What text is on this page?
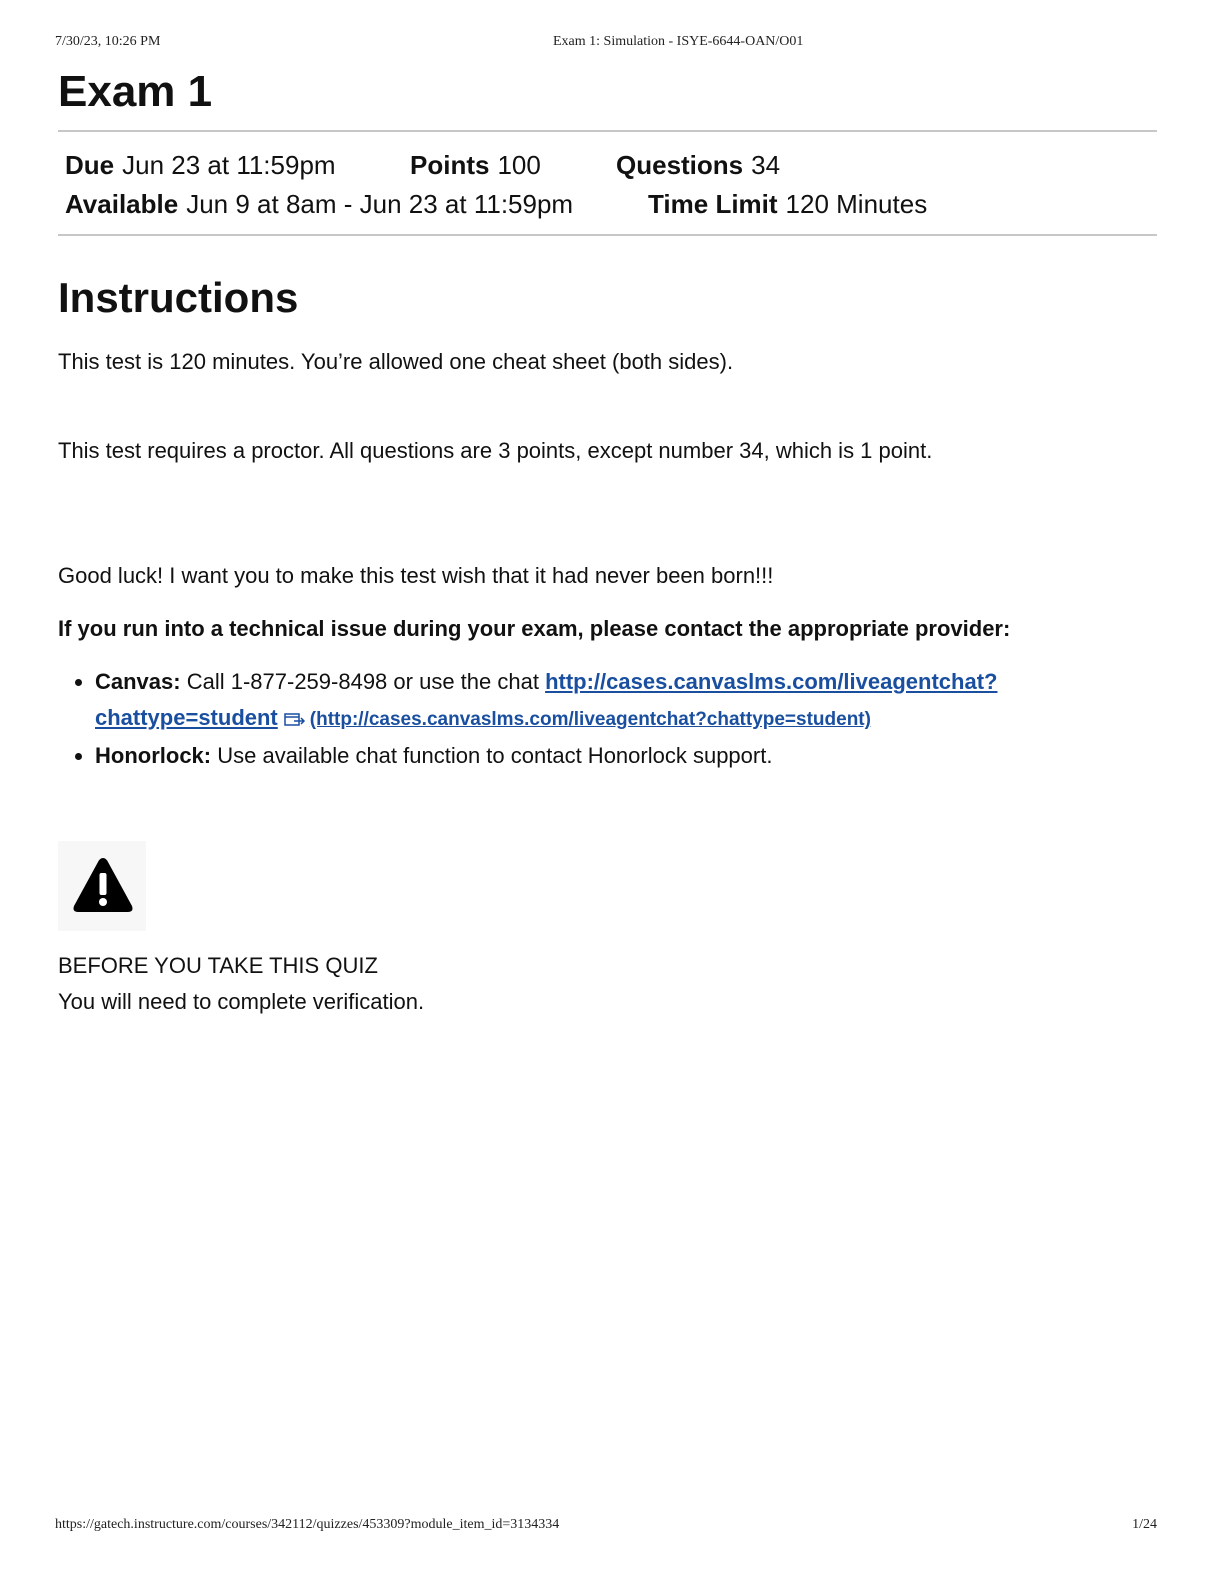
7/30/23, 10:26 PM	Exam 1: Simulation - ISYE-6644-OAN/O01
Exam 1
Due Jun 23 at 11:59pm	Points 100	Questions 34
Available Jun 9 at 8am - Jun 23 at 11:59pm	Time Limit 120 Minutes
Instructions

This test is 120 minutes. You’re allowed one cheat sheet (both sides).

This test requires a proctor. All questions are 3 points, except number 34, which is 1 point.

Good luck! I want you to make this test wish that it had never been born!!!

If you run into a technical issue during your exam, please contact the appropriate provider:

• Canvas: Call 1-877-259-8498 or use the chat http://cases.canvaslms.com/liveagentchat?chattype=student (http://cases.canvaslms.com/liveagentchat?chattype=student)
• Honorlock: Use available chat function to contact Honorlock support.
BEFORE YOU TAKE THIS QUIZ
You will need to complete verification.
https://gatech.instructure.com/courses/342112/quizzes/453309?module_item_id=3134334	1/24
